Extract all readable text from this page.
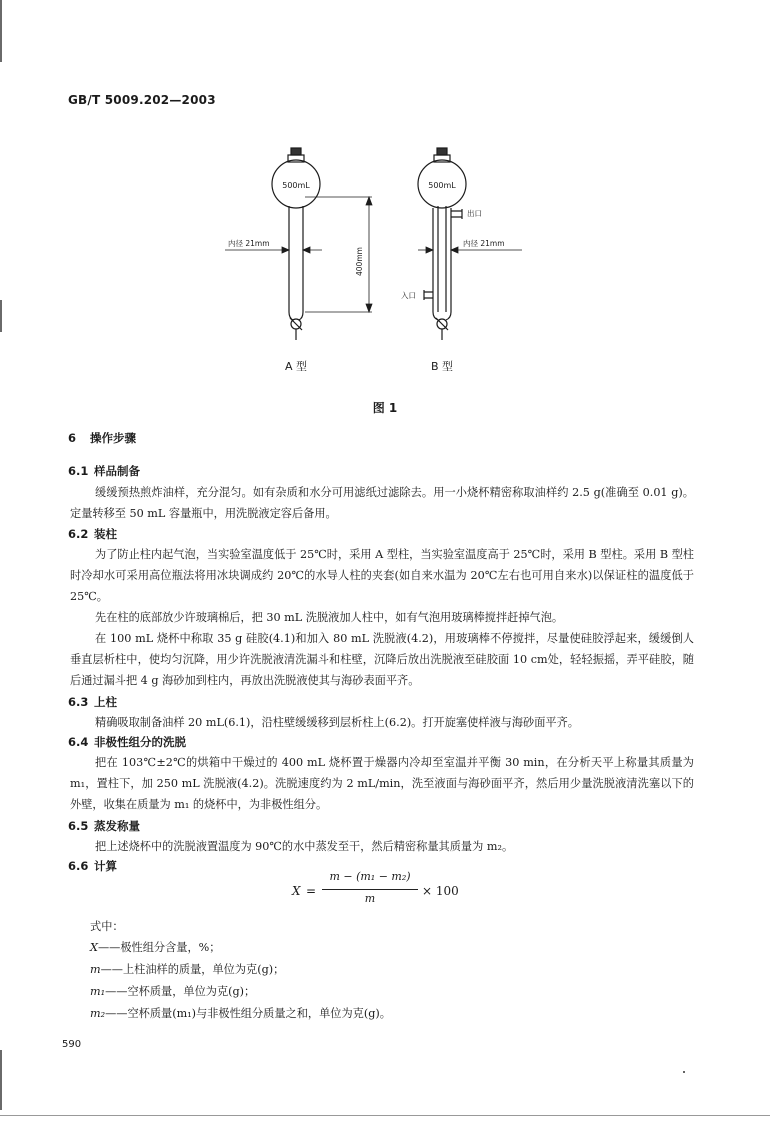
GB/T 5009.202—2003
500mL	500mL
内径 21mm	内径 21mm
400mm
出口
入口
A 型	B 型
图 1
6 操作步骤
6.1 样品制备

缓缓预热煎炸油样，充分混匀。如有杂质和水分可用滤纸过滤除去。用一小烧杯精密称取油样约 2.5 g(准确至 0.01 g)。定量转移至 50 mL 容量瓶中，用洗脱液定容后备用。

6.2 装柱

为了防止柱内起气泡，当实验室温度低于 25℃时，采用 A 型柱，当实验室温度高于 25℃时，采用 B 型柱。采用 B 型柱时冷却水可采用高位瓶法将用冰块调成约 20℃的水导人柱的夹套(如自来水温为 20℃左右也可用自来水)以保证柱的温度低于 25℃。

先在柱的底部放少许玻璃棉后，把 30 mL 洗脱液加人柱中，如有气泡用玻璃棒搅拌赶掉气泡。

在 100 mL 烧杯中称取 35 g 硅胶(4.1)和加入 80 mL 洗脱液(4.2)，用玻璃棒不停搅拌，尽量使硅胶浮起来，缓缓倒人垂直层析柱中，使均匀沉降，用少许洗脱液清洗漏斗和柱壁，沉降后放出洗脱液至硅胶面 10 cm处，轻轻振摇，弄平硅胶，随后通过漏斗把 4 g 海砂加到柱内，再放出洗脱液使其与海砂表面平齐。

6.3 上柱

精确吸取制备油样 20 mL(6.1)，沿柱壁缓缓移到层析柱上(6.2)。打开旋塞使样液与海砂面平齐。

6.4 非极性组分的洗脱

把在 103℃±2℃的烘箱中干燥过的 400 mL 烧杯置于燥器内冷却至室温并平衡 30 min，在分析天平上称量其质量为 m₁，置柱下，加 250 mL 洗脱液(4.2)。洗脱速度约为 2 mL/min，洗至液面与海砂面平齐，然后用少量洗脱液清洗塞以下的外壁，收集在质量为 m₁ 的烧杯中，为非极性组分。

6.5 蒸发称量

把上述烧杯中的洗脱液置温度为 90℃的水中蒸发至干，然后精密称量其质量为 m₂。

6.6 计算
X =
m − (m₁ − m₂)
m
× 100
式中：
X——极性组分含量，%；
m——上柱油样的质量，单位为克(g)；
m₁——空杯质量，单位为克(g)；
m₂——空杯质量(m₁)与非极性组分质量之和，单位为克(g)。
590
